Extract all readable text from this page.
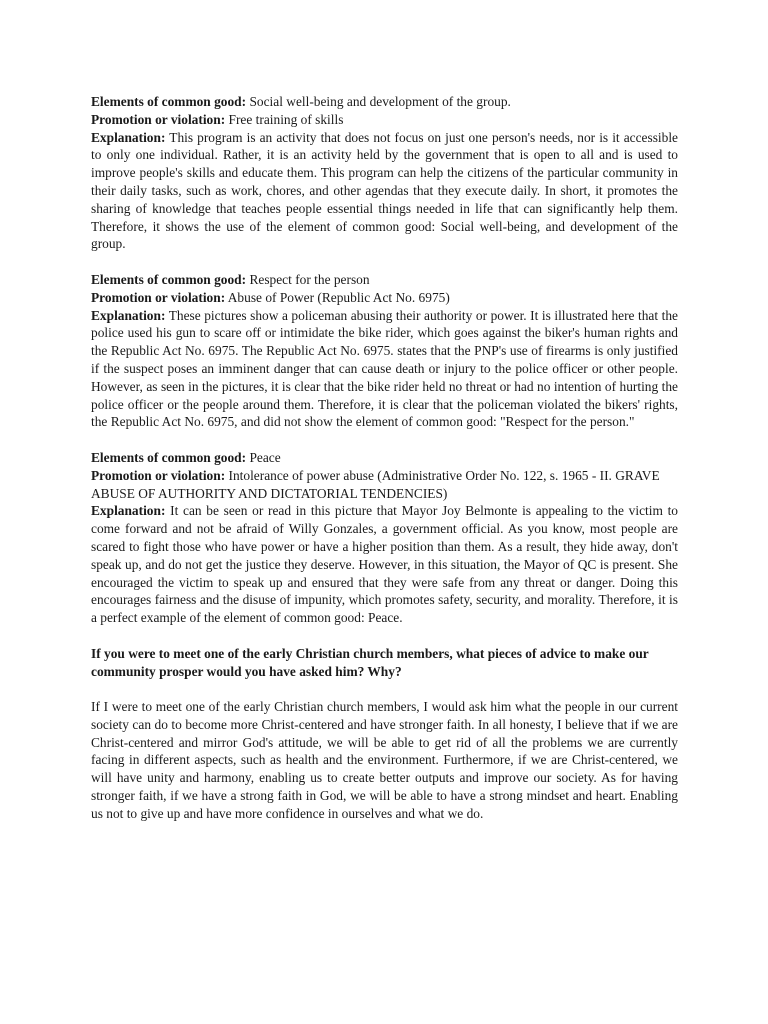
Elements of common good: Social well-being and development of the group.

Promotion or violation: Free training of skills

Explanation: This program is an activity that does not focus on just one person's needs, nor is it accessible to only one individual. Rather, it is an activity held by the government that is open to all and is used to improve people's skills and educate them. This program can help the citizens of the particular community in their daily tasks, such as work, chores, and other agendas that they execute daily. In short, it promotes the sharing of knowledge that teaches people essential things needed in life that can significantly help them. Therefore, it shows the use of the element of common good: Social well-being, and development of the group.

Elements of common good: Respect for the person

Promotion or violation: Abuse of Power (Republic Act No. 6975)

Explanation: These pictures show a policeman abusing their authority or power. It is illustrated here that the police used his gun to scare off or intimidate the bike rider, which goes against the biker's human rights and the Republic Act No. 6975. The Republic Act No. 6975. states that the PNP's use of firearms is only justified if the suspect poses an imminent danger that can cause death or injury to the police officer or other people. However, as seen in the pictures, it is clear that the bike rider held no threat or had no intention of hurting the police officer or the people around them. Therefore, it is clear that the policeman violated the bikers' rights, the Republic Act No. 6975, and did not show the element of common good: "Respect for the person."

Elements of common good: Peace

Promotion or violation: Intolerance of power abuse (Administrative Order No. 122, s. 1965 - II. GRAVE ABUSE OF AUTHORITY AND DICTATORIAL TENDENCIES)

Explanation: It can be seen or read in this picture that Mayor Joy Belmonte is appealing to the victim to come forward and not be afraid of Willy Gonzales, a government official. As you know, most people are scared to fight those who have power or have a higher position than them. As a result, they hide away, don't speak up, and do not get the justice they deserve. However, in this situation, the Mayor of QC is present. She encouraged the victim to speak up and ensured that they were safe from any threat or danger. Doing this encourages fairness and the disuse of impunity, which promotes safety, security, and morality. Therefore, it is a perfect example of the element of common good: Peace.

If you were to meet one of the early Christian church members, what pieces of advice to make our community prosper would you have asked him? Why?

If I were to meet one of the early Christian church members, I would ask him what the people in our current society can do to become more Christ-centered and have stronger faith. In all honesty, I believe that if we are Christ-centered and mirror God's attitude, we will be able to get rid of all the problems we are currently facing in different aspects, such as health and the environment. Furthermore, if we are Christ-centered, we will have unity and harmony, enabling us to create better outputs and improve our society. As for having stronger faith, if we have a strong faith in God, we will be able to have a strong mindset and heart. Enabling us not to give up and have more confidence in ourselves and what we do.
